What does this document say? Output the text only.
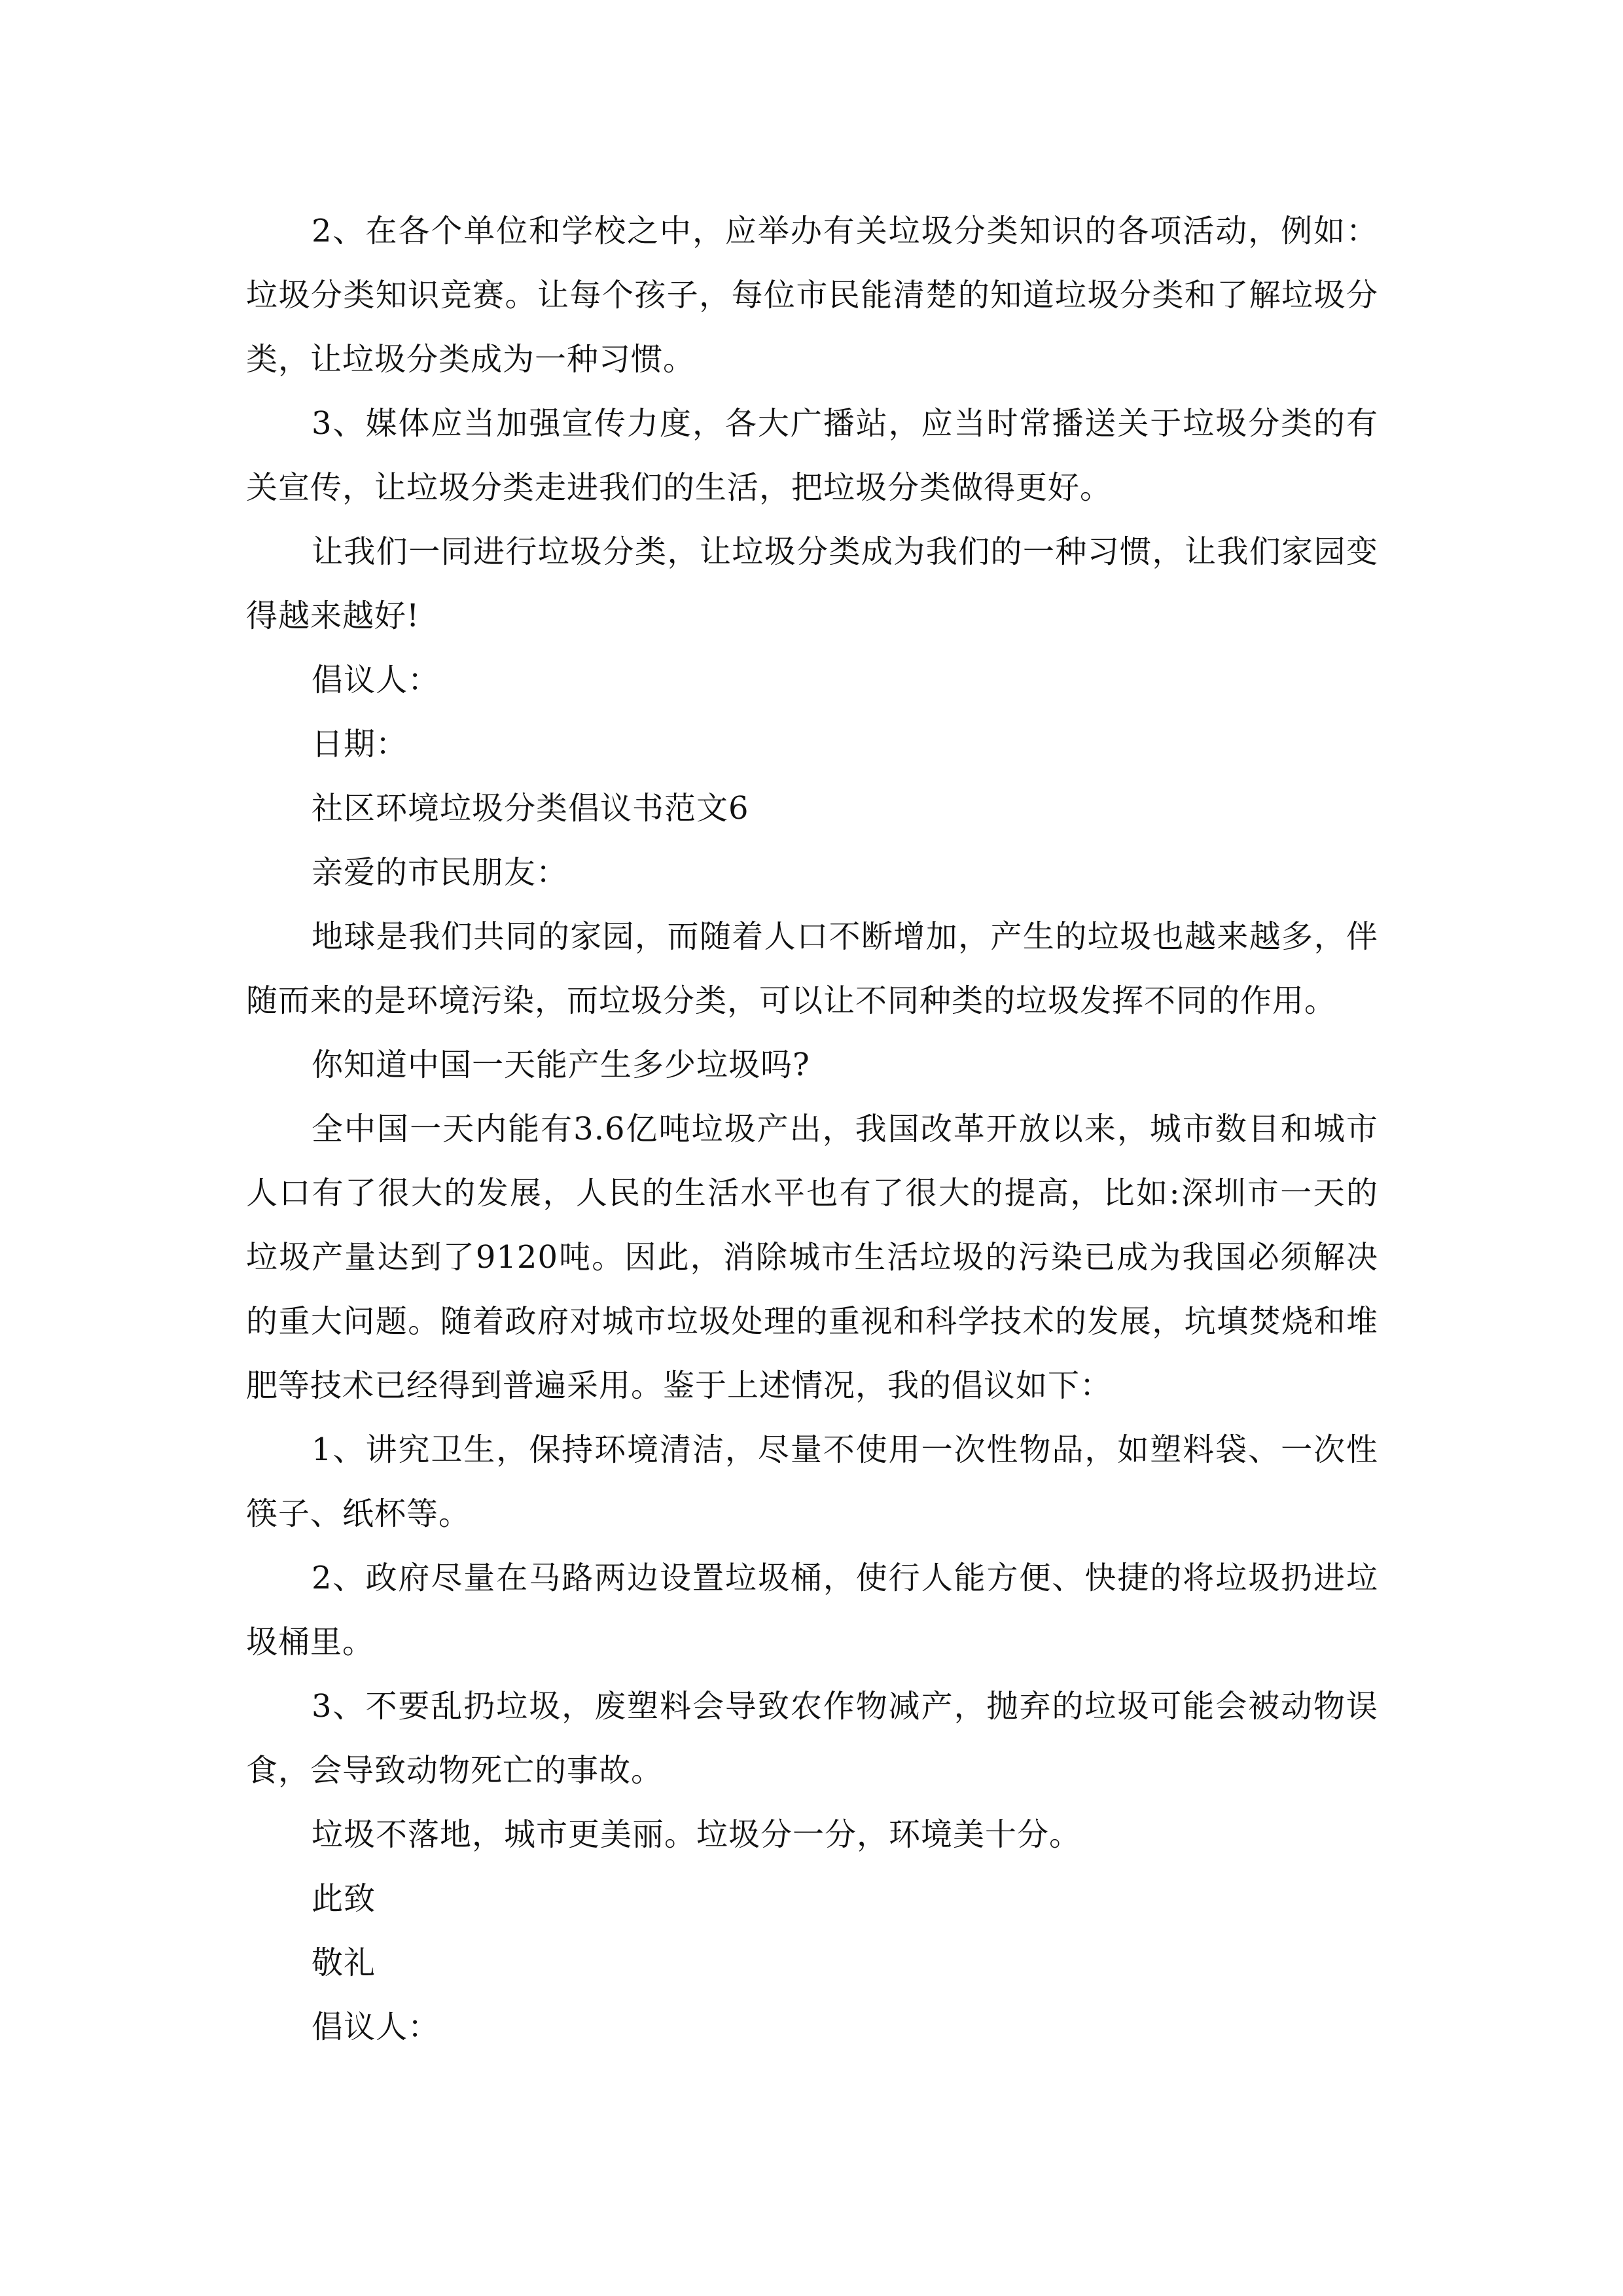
2、在各个单位和学校之中，应举办有关垃圾分类知识的各项活动，例如：垃圾分类知识竞赛。让每个孩子，每位市民能清楚的知道垃圾分类和了解垃圾分类，让垃圾分类成为一种习惯。

3、媒体应当加强宣传力度，各大广播站，应当时常播送关于垃圾分类的有关宣传，让垃圾分类走进我们的生活，把垃圾分类做得更好。

让我们一同进行垃圾分类，让垃圾分类成为我们的一种习惯，让我们家园变得越来越好!

倡议人：

日期：

社区环境垃圾分类倡议书范文6

亲爱的市民朋友：

地球是我们共同的家园，而随着人口不断增加，产生的垃圾也越来越多，伴随而来的是环境污染，而垃圾分类，可以让不同种类的垃圾发挥不同的作用。

你知道中国一天能产生多少垃圾吗?

全中国一天内能有3.6亿吨垃圾产出，我国改革开放以来，城市数目和城市人口有了很大的发展，人民的生活水平也有了很大的提高，比如:深圳市一天的垃圾产量达到了9120吨。因此，消除城市生活垃圾的污染已成为我国必须解决的重大问题。随着政府对城市垃圾处理的重视和科学技术的发展，坑填焚烧和堆肥等技术已经得到普遍采用。鉴于上述情况，我的倡议如下：

1、讲究卫生，保持环境清洁，尽量不使用一次性物品，如塑料袋、一次性筷子、纸杯等。

2、政府尽量在马路两边设置垃圾桶，使行人能方便、快捷的将垃圾扔进垃圾桶里。

3、不要乱扔垃圾，废塑料会导致农作物减产，抛弃的垃圾可能会被动物误食，会导致动物死亡的事故。

垃圾不落地，城市更美丽。垃圾分一分，环境美十分。

此致

敬礼

倡议人：
